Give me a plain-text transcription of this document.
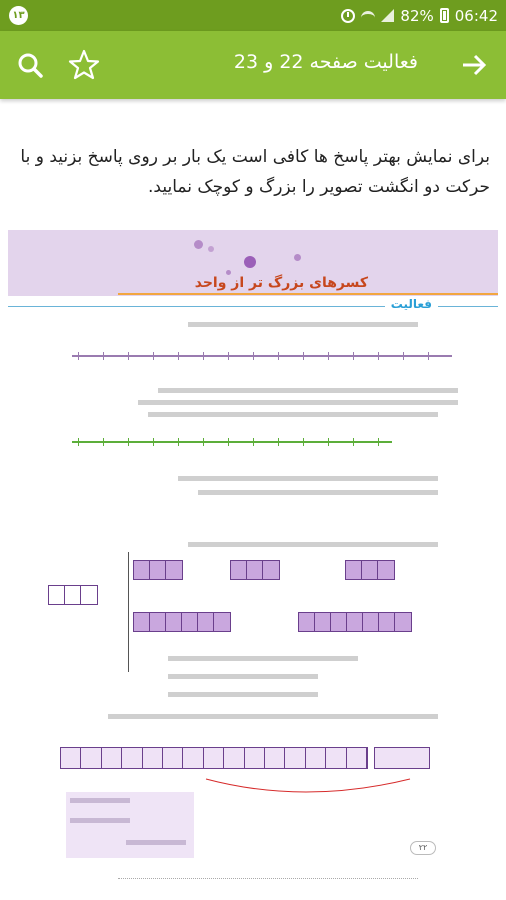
۱۳	82% 06:42
فعالیت صفحه 22 و 23
برای نمایش بهتر پاسخ ها کافی است یک بار بر روی پاسخ بزنید و با حرکت دو انگشت تصویر را بزرگ و کوچک نمایید.
کسرهای بزرگ تر از واحد
فعالیت
۲۲
